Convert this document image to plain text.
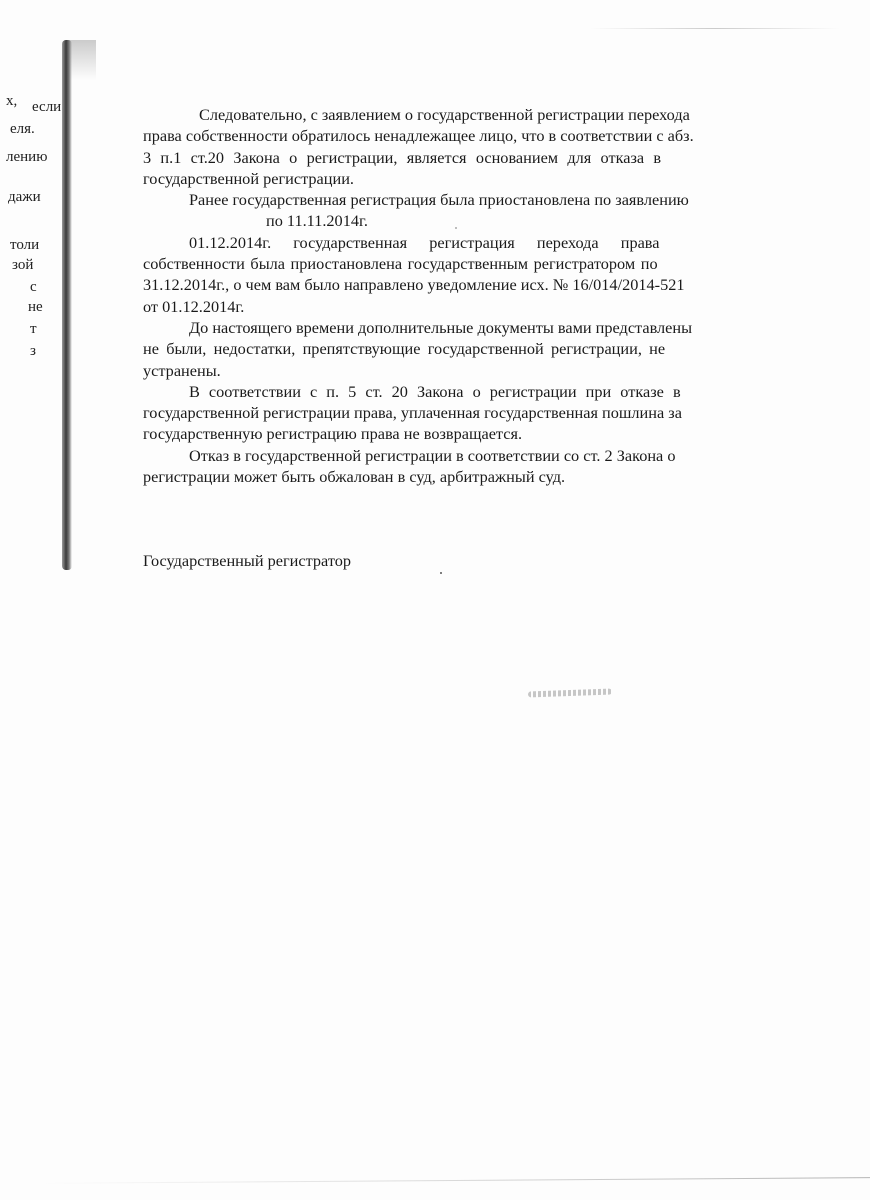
х, если
еля.
лению
дажи
толи
зой
с
не
т
з

Следовательно, с заявлением о государственной регистрации перехода

права собственности обратилось ненадлежащее лицо, что в соответствии с абз.

3 п.1 ст.20 Закона о регистрации, является основанием для отказа в

государственной регистрации.

Ранее государственная регистрация была приостановлена по заявлению

по 11.11.2014г.

01.12.2014г. государственная регистрация перехода права

собственности была приостановлена государственным регистратором по

31.12.2014г., о чем вам было направлено уведомление исх. № 16/014/2014-521

от 01.12.2014г.

До настоящего времени дополнительные документы вами представлены

не были, недостатки, препятствующие государственной регистрации, не

устранены.

В соответствии с п. 5 ст. 20 Закона о регистрации при отказе в

государственной регистрации права, уплаченная государственная пошлина за

государственную регистрацию права не возвращается.

Отказ в государственной регистрации в соответствии со ст. 2 Закона о

регистрации может быть обжалован в суд, арбитражный суд.

Государственный регистратор
